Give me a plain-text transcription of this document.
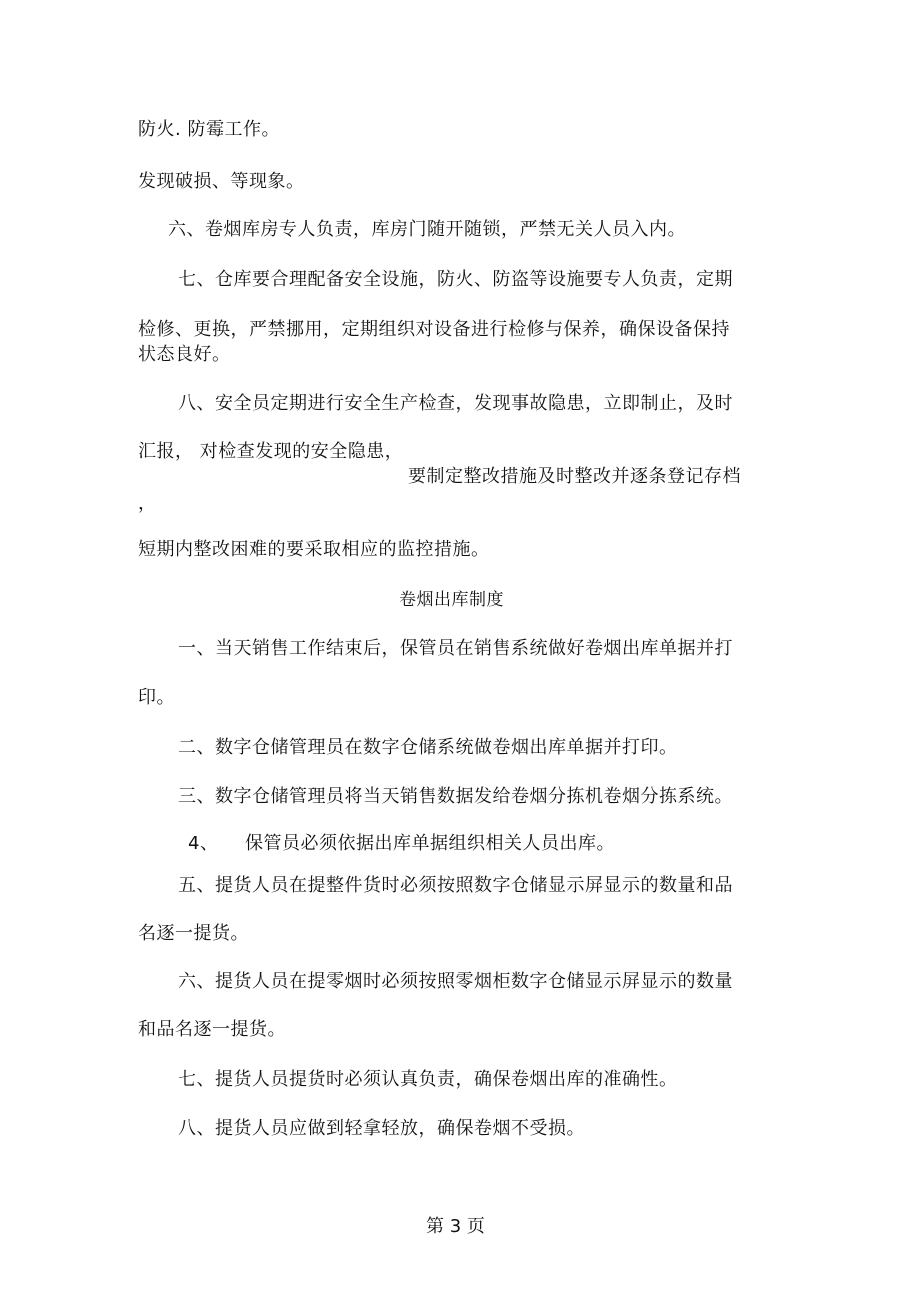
防火. 防霉工作。
发现破损、等现象。
六、卷烟库房专人负责，库房门随开随锁，严禁无关人员入内。
七、仓库要合理配备安全设施，防火、防盗等设施要专人负责，定期
检修、更换，严禁挪用，定期组织对设备进行检修与保养，确保设备保持
状态良好。
八、安全员定期进行安全生产检查，发现事故隐患，立即制止，及时
汇报， 对检查发现的安全隐患，
要制定整改措施及时整改并逐条登记存档
，
短期内整改困难的要采取相应的监控措施。
卷烟出库制度
一、当天销售工作结束后，保管员在销售系统做好卷烟出库单据并打
印。
二、数字仓储管理员在数字仓储系统做卷烟出库单据并打印。
三、数字仓储管理员将当天销售数据发给卷烟分拣机卷烟分拣系统。
4、 保管员必须依据出库单据组织相关人员出库。
五、提货人员在提整件货时必须按照数字仓储显示屏显示的数量和品
名逐一提货。
六、提货人员在提零烟时必须按照零烟柜数字仓储显示屏显示的数量
和品名逐一提货。
七、提货人员提货时必须认真负责，确保卷烟出库的准确性。
八、提货人员应做到轻拿轻放，确保卷烟不受损。
第 3 页
